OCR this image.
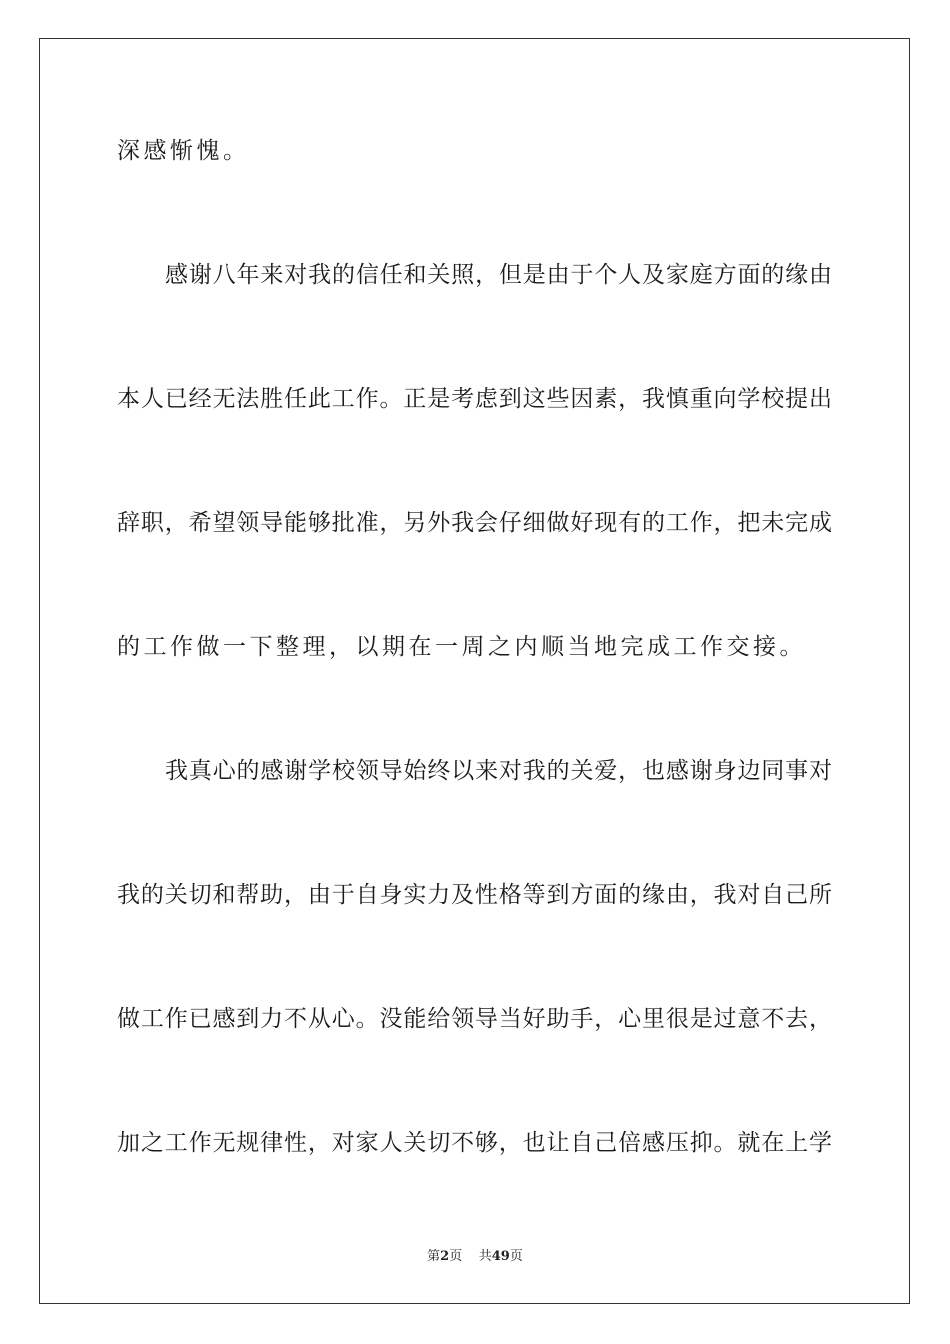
深感惭愧。
感谢八年来对我的信任和关照，但是由于个人及家庭方面的缘由
本人已经无法胜任此工作。正是考虑到这些因素，我慎重向学校提出
辞职，希望领导能够批准，另外我会仔细做好现有的工作，把未完成
的工作做一下整理，以期在一周之内顺当地完成工作交接。
我真心的感谢学校领导始终以来对我的关爱，也感谢身边同事对
我的关切和帮助，由于自身实力及性格等到方面的缘由，我对自己所
做工作已感到力不从心。没能给领导当好助手，心里很是过意不去，
加之工作无规律性，对家人关切不够，也让自己倍感压抑。就在上学
第2页 共49页
